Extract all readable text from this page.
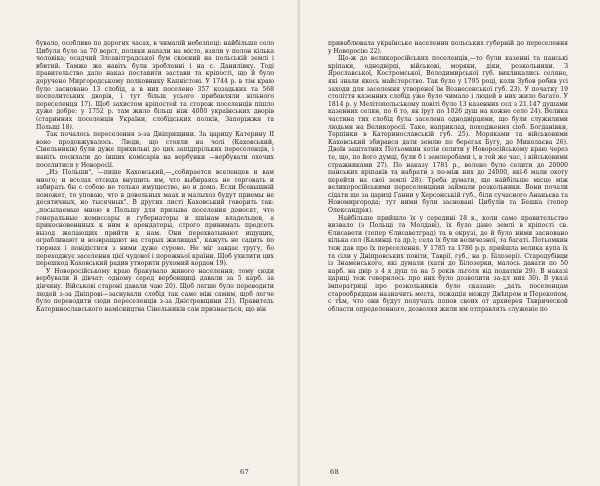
бувало, особливо по дорогих часах, в чималій небезпеці: найбільше село Цибуля було за 70 верст, поляки напали на місто, взяли у полон кілька чоловіка; осадчий Злсавітградської бум скоєний на польській землі і вбитий. Тамже же навіть були зробленні і на с. Данилівку. Тоді правительство дало наказ поставити застави та кріпості, що й було доручено Миргородському полковнику Капністові. У 1744 р. в тім краю було засновано 13 слобід, а в них поселено 357 козацьких та 568 посполитських дворів, і тут більш усього прибавляли вільного переселенця 17). Щоб захистом кріпостей та сторож поселенців пішло дуже добре: у 1752 р. там жило більш ніж 4000 українських дворів (стариннях поселенців України, слобідських полків, Запоріжжя та Польщі 18).

Так почалось переселення з-за Дніприщини. За царицу Катерину II воно продовжувалось. Люди, що стояли на чолі (Каховський, Сінельників) були дуже прихильні до цих запідпрільких переселенців, і навіть посилали до інших комісарів на вербунки —вербувати охочих поселитися у Новоросії.

„Из Польши", —пише Каховський,—„собирается вселенцев и вам много; и вселах отсюда внушить им, что выбираясь не торговать и забирать бы с собою не только имущество, но и дома. Если Всевышній поможет, то уповаю, что в довольных маах и малыхоз будут приемы не десятичных, но тысячных". В других листі Каховський говорить так: „посылаемые мною в Польшу для призыва поселения доносят, что генеральные комиссары и губернаторы и шкінам владельцев, а прикосновеннных к ним в арендаторы, строго принимать предсеть вызод желающих прийти к нам. Они перехватывают ищущих, ограбливают и возвращают на старых жилищах", кажуть не садить по тюрмах і повідістися з ними дуже сурово. Не міг завдає тругу, бо переходжує заселення цієї чудової і порожньої країни. Щоб ухилити цих перешкод Каховський радив утворити рухомий кордон 19).

У Новоросійському краю бракувало живого населення; тому сюди вербували й дівчат: одному серед вербовщиці давали за 5 карб. за дівчину. Військові староні давали чаю 20). Щоб легше було переводити людей з-за Дніпрові—заснували слобід так само між самим, щоб легче було переводити сюди переселенців з-за Дністровщини 21). Правитель Катеринославського намісництва Сінельників сам признається, що він

67

приваблювала українське населення польських губерній до переселення у Новоросію 22).

Що-ж до великоросійських поселенців,—то були казенні та панські кріпаки, однодвірці, військові, моряки, діки, розкольники. З Ярославської, Костромської, Володимирської губ. викликались селяне, які знали якесь майстерство. Так було у 1795 році, коли Зубов робив усі заходи для заселення утвореної їм Вознесенської губ. 23). У початку 19 століття казенних слобід уже було чимало і людей в них жило багато. У 1814 р. у Мелітопольському повіті було 13 казенних сел з 21.147 душами казенних селян, по 6 то, як ірут по 1026 душ на кожне село 24). Велика частина тих слобід була заселена однодвірцями, що були служилими людьми на Великоросії. Таке, наприклад, походження сіоб. Богданівки, Терпінки в Катеринославській губ. 25). Моряками та військовими Каховський збирався дати землю по берегах Бугу, до Миколаєва 26). Двоїв заштатних Потьомкин хотів селити у Новоросійському краю через те, що, по його думці, були б і землеробами і, в той же час, і військовими стражниками 27). По наказу 1781 р., велено було селити до 20000 панських кріпаків та набрати з по-між них до 24000, які-б мали охоту перейти на свої землі 28). Треба думати, що найбільше місце між великоросійськими переселенцями займали розкольники. Вони почали сідати ще за царицi Ганни у Херсонській губ., біля сучасного Ананьєва та Новомиргорода; тут ними були засновані Цибулів та Бешка (тепер Олександрія).

Найбільше прийшло їх у середині 18 в., коли само правительство визвало (з Польщі та Молдаві), їх було дано землі в кріпості св. Єлисавети (тепер Єлисаветград) та в окрузі, де й було ними засновано кілька сел (Калинці та др.); села їх були величезної, та багаті. Потьомкин теж дав про їх переселення. У 1785 та 1786 р.р. прийшла велика купа їх та сіли у Дніпровських повіти, Таврії, губ., на р. Білозері). Стародубівци із Знаменського, які думали (хати до Білозерки, малось давати по 50 карб. на двір з 4 х душ та на 5 років льготи від податків 29). В наказі цариці теж говорилось про них було дозволити за-дл них 30). В указі імператриці про розкольників було сказано: „дать поселенцам старообрядцам назначить места, лежащія между Днѣпром и Перекопом, с тѣм, что они будут получать попов своих от архиерея Таврической области определенного, дозволяя жили им отправлять служеніе по

68
